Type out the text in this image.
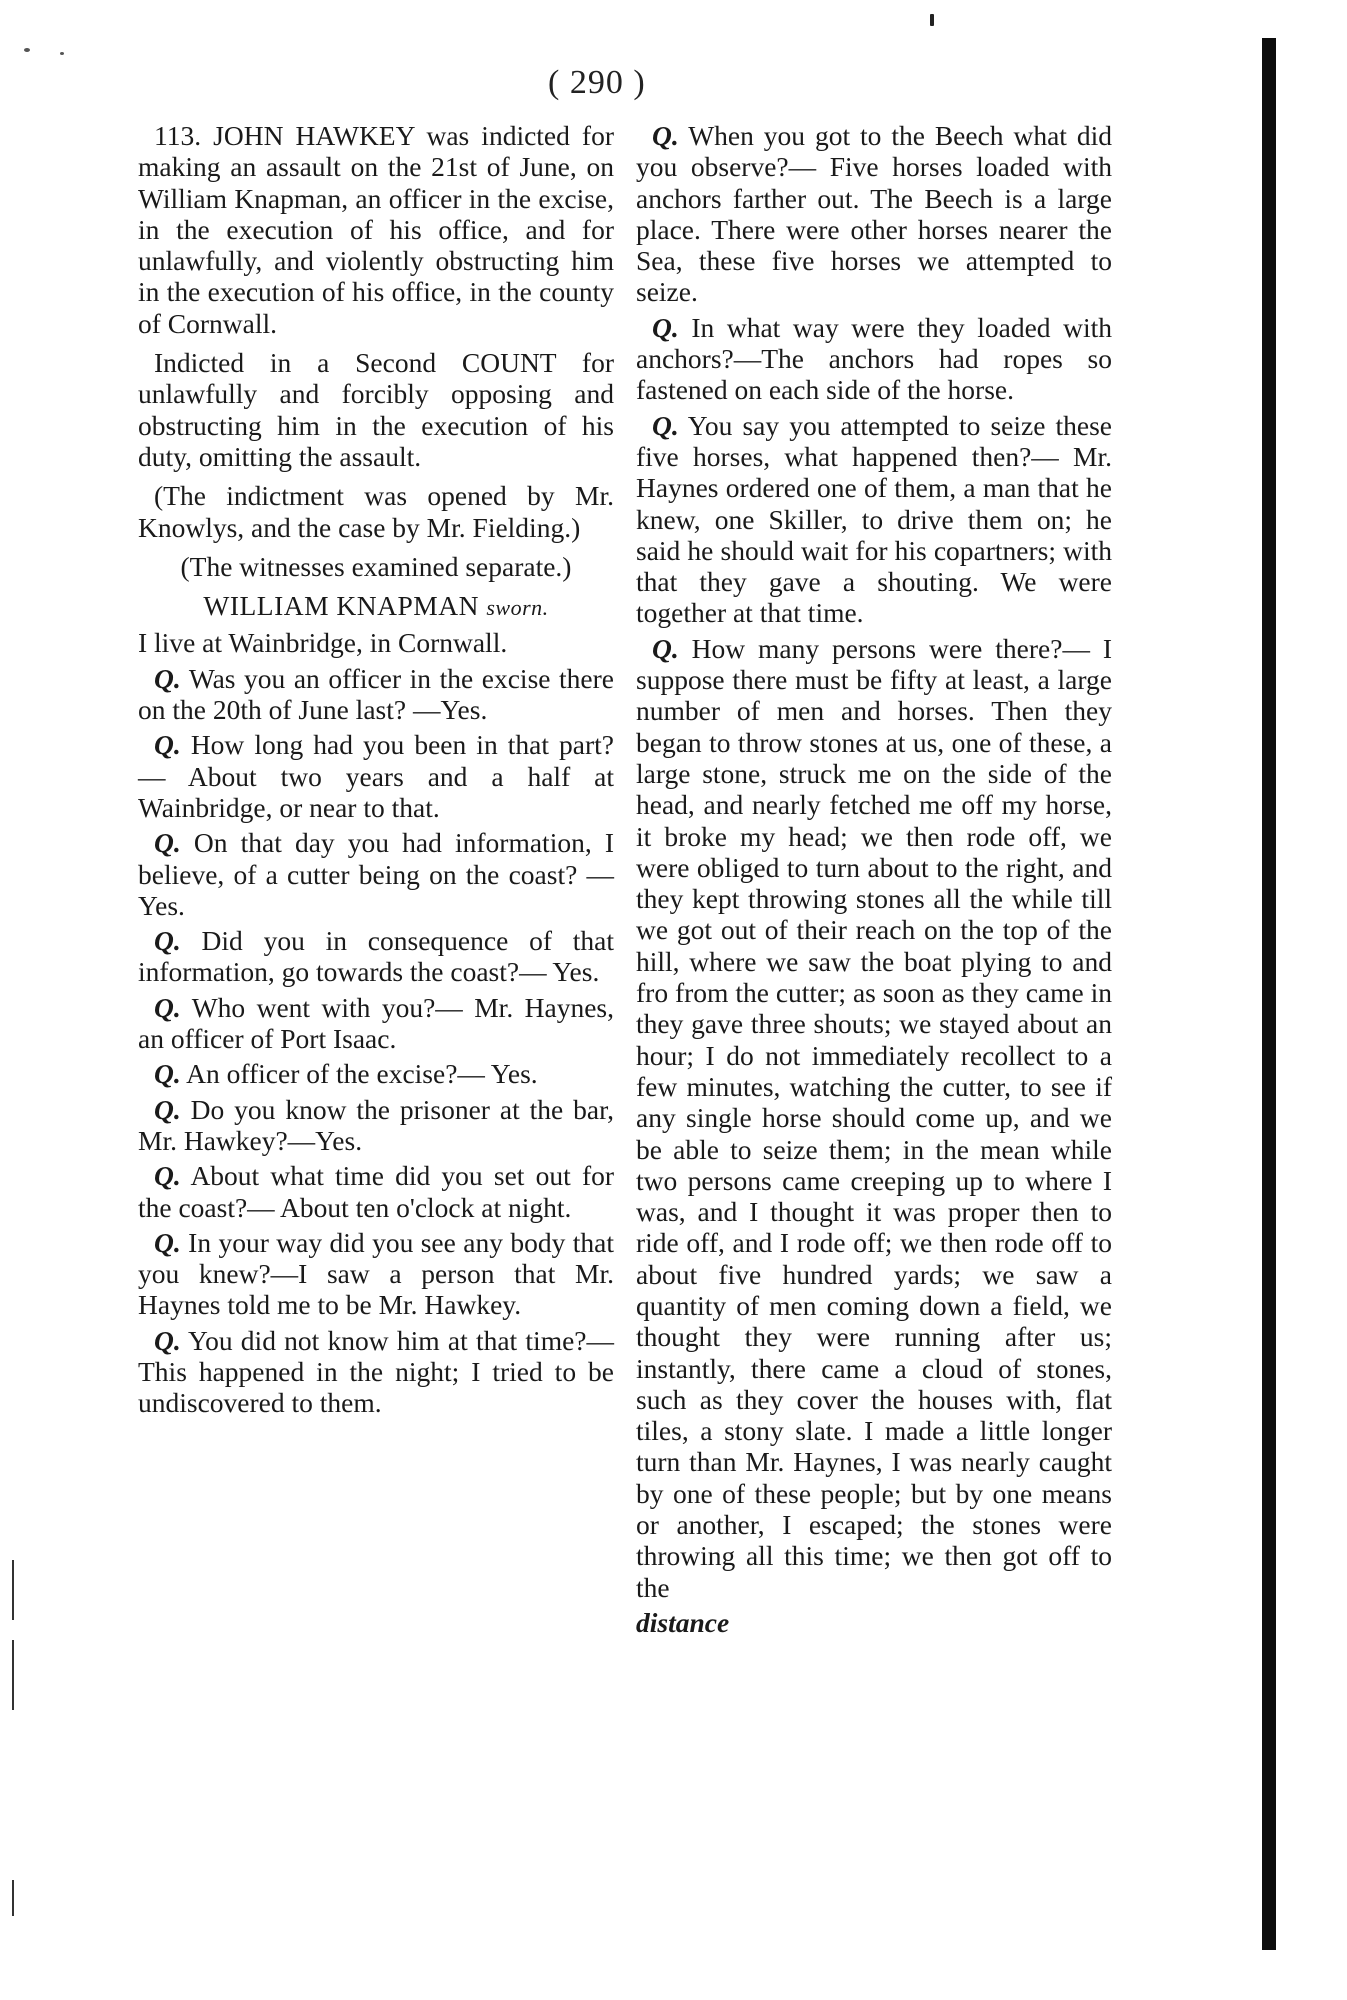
( 290 )

113. JOHN HAWKEY was indicted for making an assault on the 21st of June, on William Knapman, an officer in the excise, in the execution of his office, and for unlawfully, and violently obstructing him in the execution of his office, in the county of Cornwall.

Indicted in a Second COUNT for unlawfully and forcibly opposing and obstructing him in the execution of his duty, omitting the assault.

(The indictment was opened by Mr. Knowlys, and the case by Mr. Fielding.)

(The witnesses examined separate.)

WILLIAM KNAPMAN sworn.

I live at Wainbridge, in Cornwall.

Q. Was you an officer in the excise there on the 20th of June last? —Yes.

Q. How long had you been in that part?— About two years and a half at Wainbridge, or near to that.

Q. On that day you had information, I believe, of a cutter being on the coast? —Yes.

Q. Did you in consequence of that information, go towards the coast?— Yes.

Q. Who went with you?— Mr. Haynes, an officer of Port Isaac.

Q. An officer of the excise?— Yes.

Q. Do you know the prisoner at the bar, Mr. Hawkey?—Yes.

Q. About what time did you set out for the coast?— About ten o'clock at night.

Q. In your way did you see any body that you knew?—I saw a person that Mr. Haynes told me to be Mr. Hawkey.

Q. You did not know him at that time?—This happened in the night; I tried to be undiscovered to them.

Q. When you got to the Beech what did you observe?— Five horses loaded with anchors farther out. The Beech is a large place. There were other horses nearer the Sea, these five horses we attempted to seize.

Q. In what way were they loaded with anchors?—The anchors had ropes so fastened on each side of the horse.

Q. You say you attempted to seize these five horses, what happened then?— Mr. Haynes ordered one of them, a man that he knew, one Skiller, to drive them on; he said he should wait for his copartners; with that they gave a shouting. We were together at that time.

Q. How many persons were there?— I suppose there must be fifty at least, a large number of men and horses. Then they began to throw stones at us, one of these, a large stone, struck me on the side of the head, and nearly fetched me off my horse, it broke my head; we then rode off, we were obliged to turn about to the right, and they kept throwing stones all the while till we got out of their reach on the top of the hill, where we saw the boat plying to and fro from the cutter; as soon as they came in they gave three shouts; we stayed about an hour; I do not immediately recollect to a few minutes, watching the cutter, to see if any single horse should come up, and we be able to seize them; in the mean while two persons came creeping up to where I was, and I thought it was proper then to ride off, and I rode off; we then rode off to about five hundred yards; we saw a quantity of men coming down a field, we thought they were running after us; instantly, there came a cloud of stones, such as they cover the houses with, flat tiles, a stony slate. I made a little longer turn than Mr. Haynes, I was nearly caught by one of these people; but by one means or another, I escaped; the stones were throwing all this time; we then got off to the

distance
